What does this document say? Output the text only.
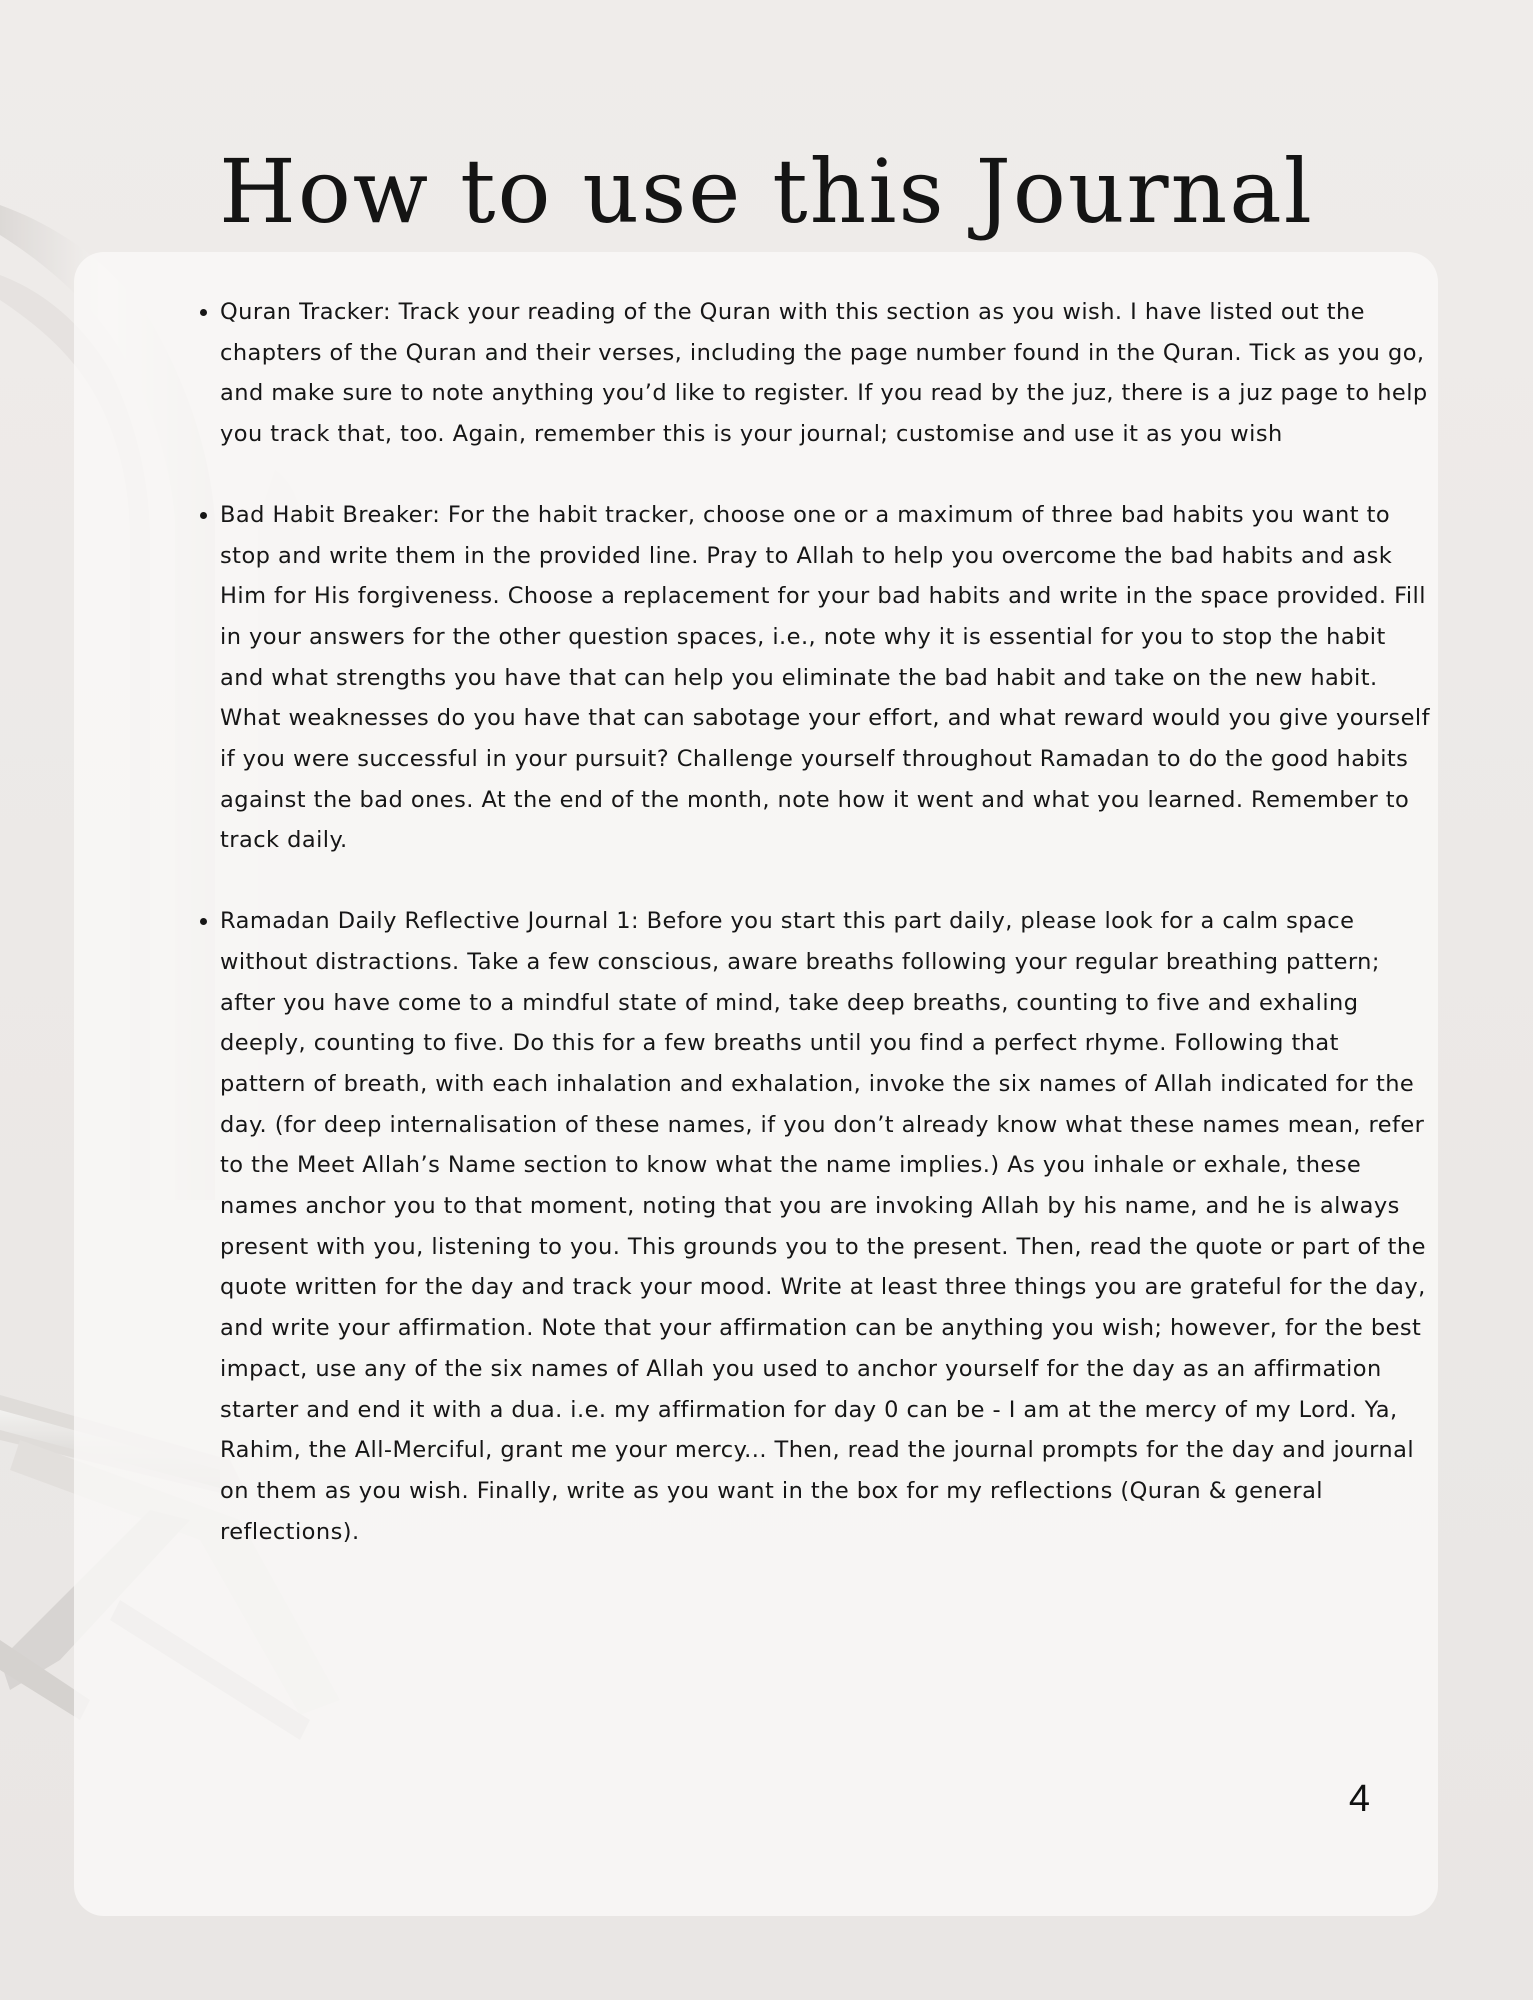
How to use this Journal
• Quran Tracker: Track your reading of the Quran with this section as you wish. I have listed out the chapters of the Quran and their verses, including the page number found in the Quran. Tick as you go, and make sure to note anything you’d like to register. If you read by the juz, there is a juz page to help you track that, too. Again, remember this is your journal; customise and use it as you wish
• Bad Habit Breaker: For the habit tracker, choose one or a maximum of three bad habits you want to stop and write them in the provided line. Pray to Allah to help you overcome the bad habits and ask Him for His forgiveness. Choose a replacement for your bad habits and write in the space provided. Fill in your answers for the other question spaces, i.e., note why it is essential for you to stop the habit and what strengths you have that can help you eliminate the bad habit and take on the new habit. What weaknesses do you have that can sabotage your effort, and what reward would you give yourself if you were successful in your pursuit? Challenge yourself throughout Ramadan to do the good habits against the bad ones. At the end of the month, note how it went and what you learned. Remember to track daily.
• Ramadan Daily Reflective Journal 1: Before you start this part daily, please look for a calm space without distractions. Take a few conscious, aware breaths following your regular breathing pattern; after you have come to a mindful state of mind, take deep breaths, counting to five and exhaling deeply, counting to five. Do this for a few breaths until you find a perfect rhyme. Following that pattern of breath, with each inhalation and exhalation, invoke the six names of Allah indicated for the day. (for deep internalisation of these names, if you don’t already know what these names mean, refer to the Meet Allah’s Name section to know what the name implies.) As you inhale or exhale, these names anchor you to that moment, noting that you are invoking Allah by his name, and he is always present with you, listening to you. This grounds you to the present. Then, read the quote or part of the quote written for the day and track your mood. Write at least three things you are grateful for the day, and write your affirmation. Note that your affirmation can be anything you wish; however, for the best impact, use any of the six names of Allah you used to anchor yourself for the day as an affirmation starter and end it with a dua. i.e. my affirmation for day 0 can be - I am at the mercy of my Lord. Ya, Rahim, the All-Merciful, grant me your mercy... Then, read the journal prompts for the day and journal on them as you wish. Finally, write as you want in the box for my reflections (Quran & general reflections).
4
